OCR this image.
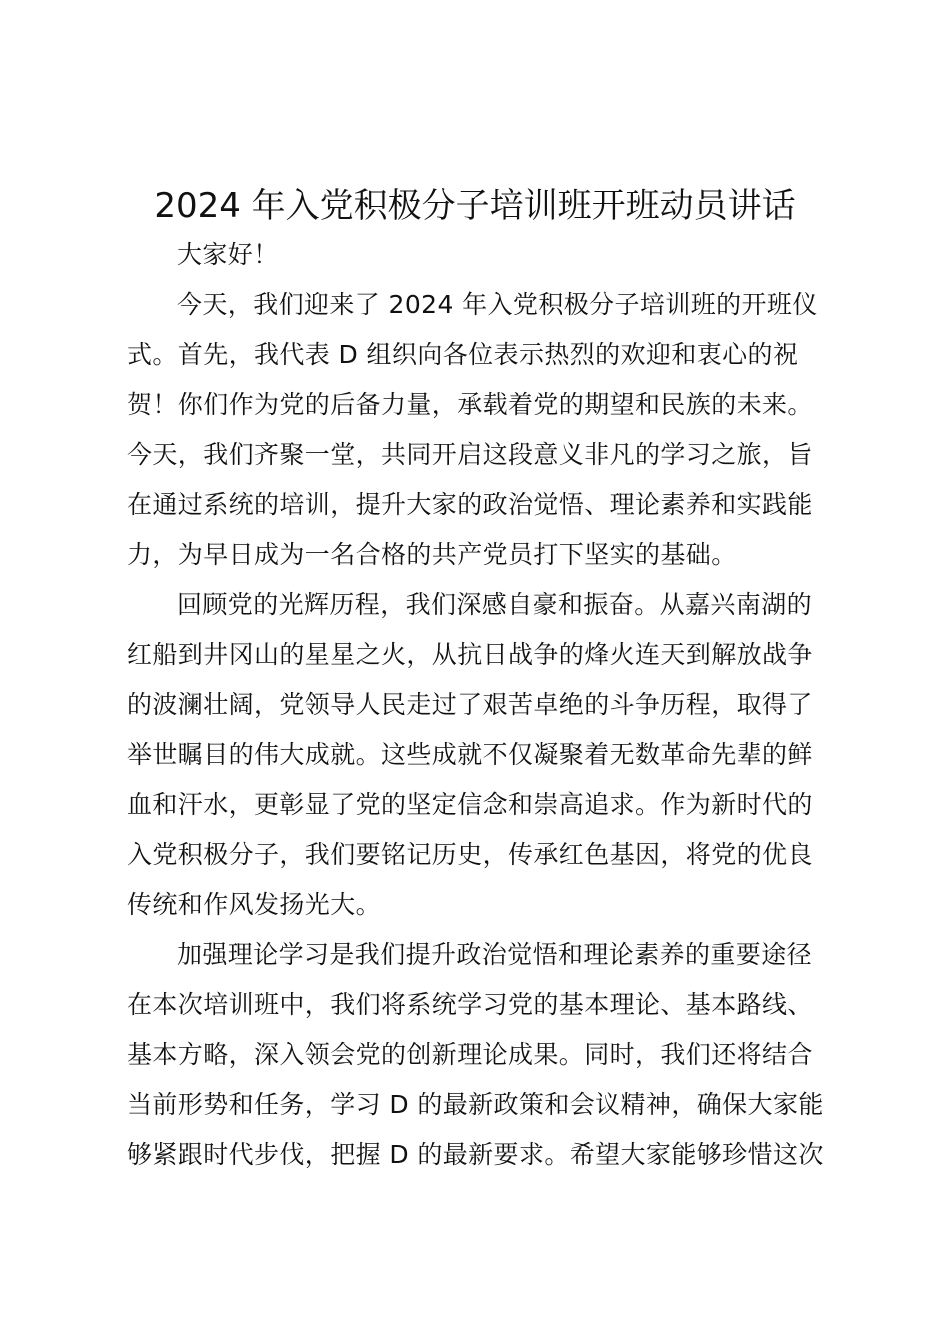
2024 年入党积极分子培训班开班动员讲话

大家好！

今天，我们迎来了 2024 年入党积极分子培训班的开班仪式。首先，我代表 D 组织向各位表示热烈的欢迎和衷心的祝贺！你们作为党的后备力量，承载着党的期望和民族的未来。今天，我们齐聚一堂，共同开启这段意义非凡的学习之旅，旨在通过系统的培训，提升大家的政治觉悟、理论素养和实践能力，为早日成为一名合格的共产党员打下坚实的基础。

回顾党的光辉历程，我们深感自豪和振奋。从嘉兴南湖的红船到井冈山的星星之火，从抗日战争的烽火连天到解放战争的波澜壮阔，党领导人民走过了艰苦卓绝的斗争历程，取得了举世瞩目的伟大成就。这些成就不仅凝聚着无数革命先辈的鲜血和汗水，更彰显了党的坚定信念和崇高追求。作为新时代的入党积极分子，我们要铭记历史，传承红色基因，将党的优良传统和作风发扬光大。

加强理论学习是我们提升政治觉悟和理论素养的重要途径在本次培训班中，我们将系统学习党的基本理论、基本路线、基本方略，深入领会党的创新理论成果。同时，我们还将结合当前形势和任务，学习 D 的最新政策和会议精神，确保大家能够紧跟时代步伐，把握 D 的最新要求。希望大家能够珍惜这次
